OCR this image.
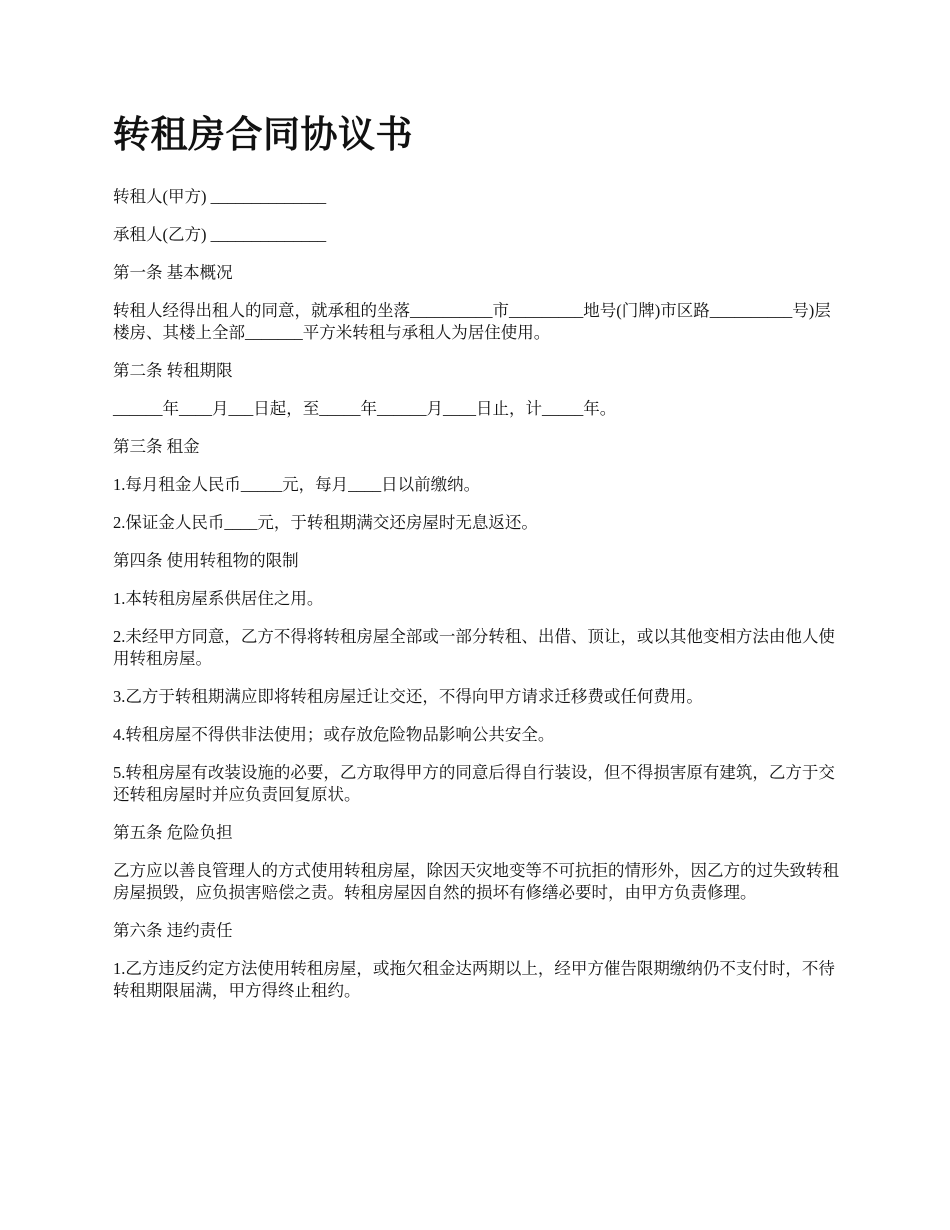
转租房合同协议书

转租人(甲方) ______________

承租人(乙方) ______________

第一条 基本概况

转租人经得出租人的同意，就承租的坐落__________市_________地号(门牌)市区路__________号)层楼房、其楼上全部_______平方米转租与承租人为居住使用。

第二条 转租期限

______年____月___日起，至_____年______月____日止，计_____年。

第三条 租金

1.每月租金人民币_____元，每月____日以前缴纳。

2.保证金人民币____元，于转租期满交还房屋时无息返还。

第四条 使用转租物的限制

1.本转租房屋系供居住之用。

2.未经甲方同意，乙方不得将转租房屋全部或一部分转租、出借、顶让，或以其他变相方法由他人使用转租房屋。

3.乙方于转租期满应即将转租房屋迁让交还，不得向甲方请求迁移费或任何费用。

4.转租房屋不得供非法使用；或存放危险物品影响公共安全。

5.转租房屋有改装设施的必要，乙方取得甲方的同意后得自行装设，但不得损害原有建筑，乙方于交还转租房屋时并应负责回复原状。

第五条 危险负担

乙方应以善良管理人的方式使用转租房屋，除因天灾地变等不可抗拒的情形外，因乙方的过失致转租房屋损毁，应负损害赔偿之责。转租房屋因自然的损坏有修缮必要时，由甲方负责修理。

第六条 违约责任

1.乙方违反约定方法使用转租房屋，或拖欠租金达两期以上，经甲方催告限期缴纳仍不支付时，不待转租期限届满，甲方得终止租约。
